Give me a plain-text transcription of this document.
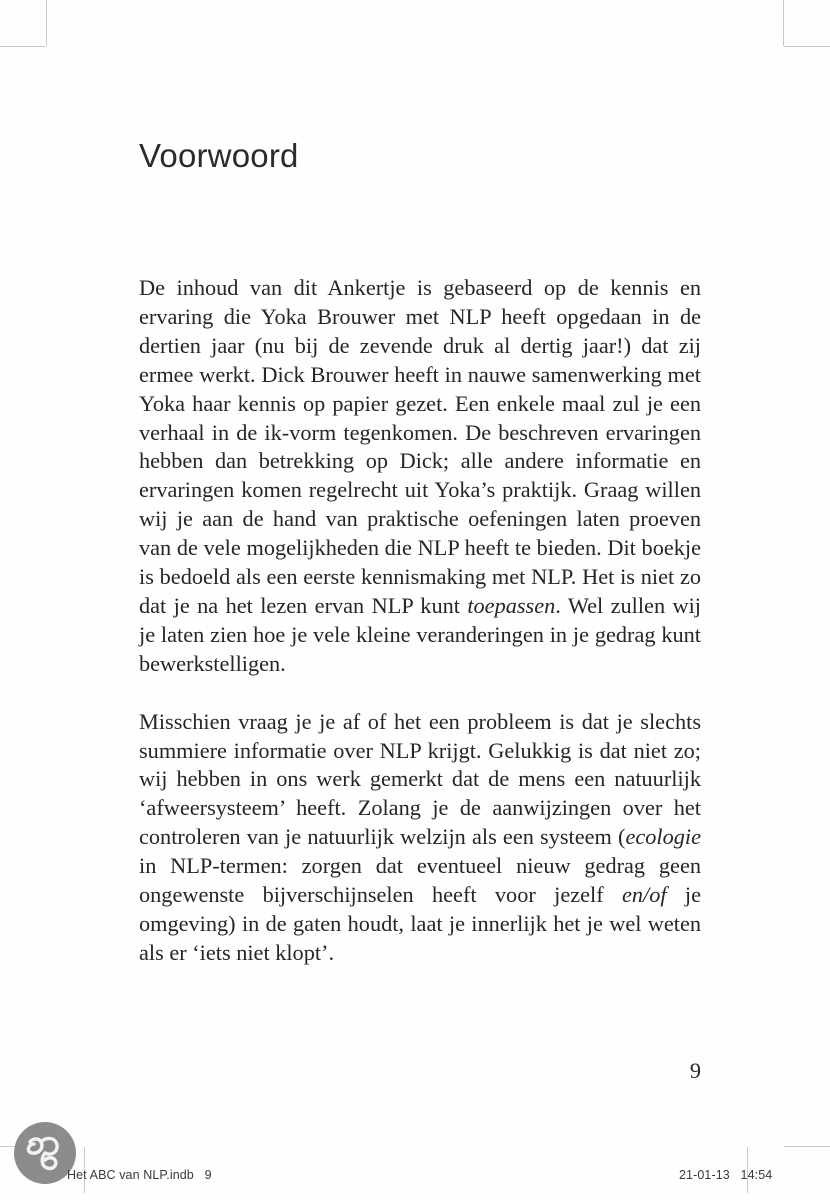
Voorwoord

De inhoud van dit Ankertje is gebaseerd op de kennis en ervaring die Yoka Brouwer met NLP heeft opgedaan in de dertien jaar (nu bij de zevende druk al dertig jaar!) dat zij ermee werkt. Dick Brouwer heeft in nauwe samenwerking met Yoka haar kennis op papier gezet. Een enkele maal zul je een verhaal in de ik-vorm tegenkomen. De beschreven ervaringen hebben dan betrekking op Dick; alle andere informatie en ervaringen komen regelrecht uit Yoka’s praktijk. Graag willen wij je aan de hand van praktische oefeningen laten proeven van de vele mogelijkheden die NLP heeft te bieden. Dit boekje is bedoeld als een eerste kennismaking met NLP. Het is niet zo dat je na het lezen ervan NLP kunt toepassen. Wel zullen wij je laten zien hoe je vele kleine veranderingen in je gedrag kunt bewerkstelligen.

Misschien vraag je je af of het een probleem is dat je slechts summiere informatie over NLP krijgt. Gelukkig is dat niet zo; wij hebben in ons werk gemerkt dat de mens een natuurlijk ‘afweersysteem’ heeft. Zolang je de aanwijzingen over het controleren van je natuurlijk welzijn als een systeem (ecologie in NLP-termen: zorgen dat eventueel nieuw gedrag geen ongewenste bijverschijnselen heeft voor jezelf en/of je omgeving) in de gaten houdt, laat je innerlijk het je wel weten als er ‘iets niet klopt’.

9
Het ABC van NLP.indb   9	21-01-13   14:54
